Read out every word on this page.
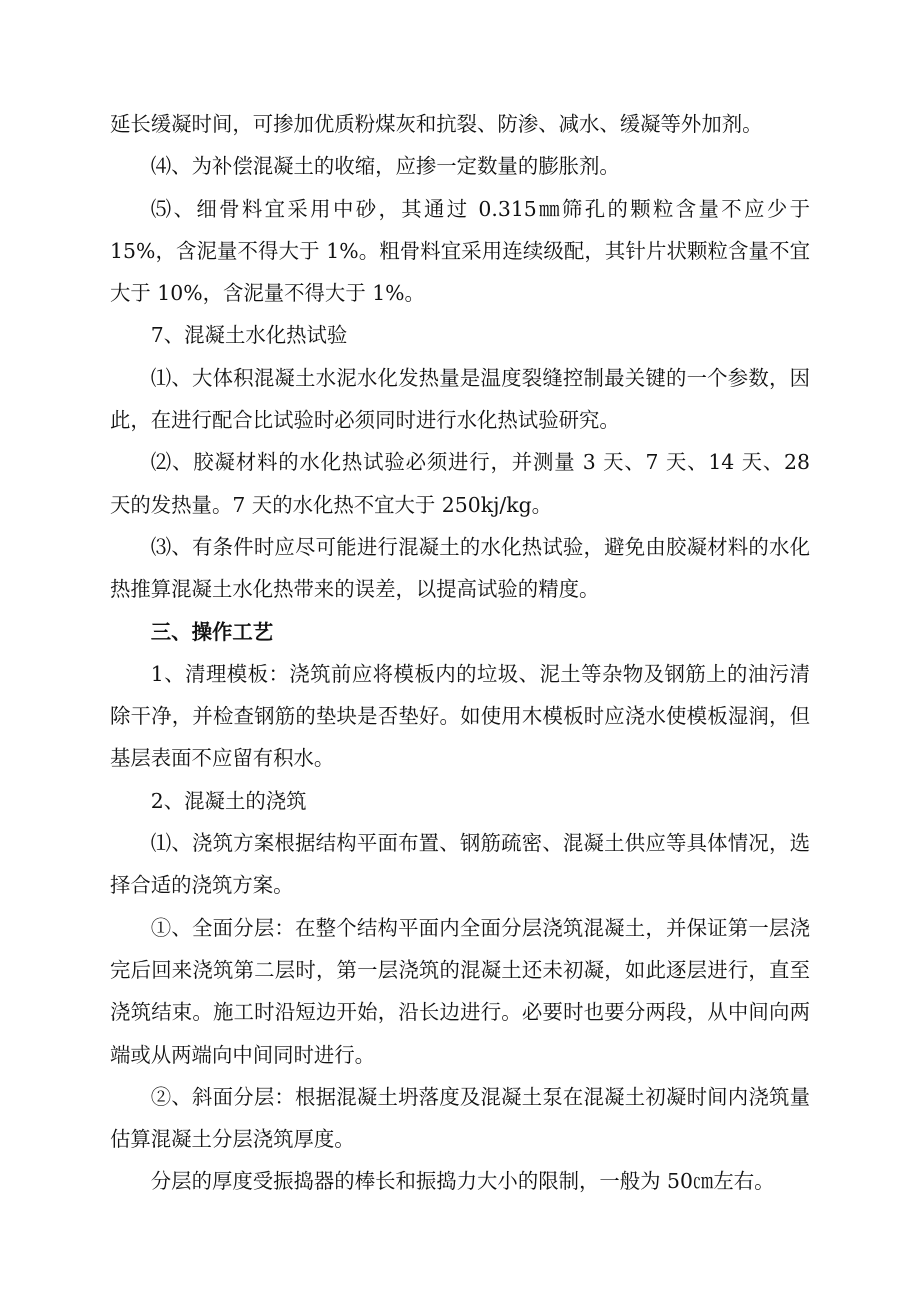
延长缓凝时间，可掺加优质粉煤灰和抗裂、防渗、减水、缓凝等外加剂。

⑷、为补偿混凝土的收缩，应掺一定数量的膨胀剂。

⑸、细骨料宜采用中砂，其通过 0.315㎜筛孔的颗粒含量不应少于15%，含泥量不得大于 1%。粗骨料宜采用连续级配，其针片状颗粒含量不宜大于 10%，含泥量不得大于 1%。

7、混凝土水化热试验

⑴、大体积混凝土水泥水化发热量是温度裂缝控制最关键的一个参数，因此，在进行配合比试验时必须同时进行水化热试验研究。

⑵、胶凝材料的水化热试验必须进行，并测量 3 天、7 天、14 天、28 天的发热量。7 天的水化热不宜大于 250kj/kg。

⑶、有条件时应尽可能进行混凝土的水化热试验，避免由胶凝材料的水化热推算混凝土水化热带来的误差，以提高试验的精度。

三、操作工艺

1、清理模板：浇筑前应将模板内的垃圾、泥土等杂物及钢筋上的油污清除干净，并检查钢筋的垫块是否垫好。如使用木模板时应浇水使模板湿润，但基层表面不应留有积水。

2、混凝土的浇筑

⑴、浇筑方案根据结构平面布置、钢筋疏密、混凝土供应等具体情况，选择合适的浇筑方案。

①、全面分层：在整个结构平面内全面分层浇筑混凝土，并保证第一层浇完后回来浇筑第二层时，第一层浇筑的混凝土还未初凝，如此逐层进行，直至浇筑结束。施工时沿短边开始，沿长边进行。必要时也要分两段，从中间向两端或从两端向中间同时进行。

②、斜面分层：根据混凝土坍落度及混凝土泵在混凝土初凝时间内浇筑量估算混凝土分层浇筑厚度。

分层的厚度受振捣器的棒长和振捣力大小的限制，一般为 50㎝左右。
